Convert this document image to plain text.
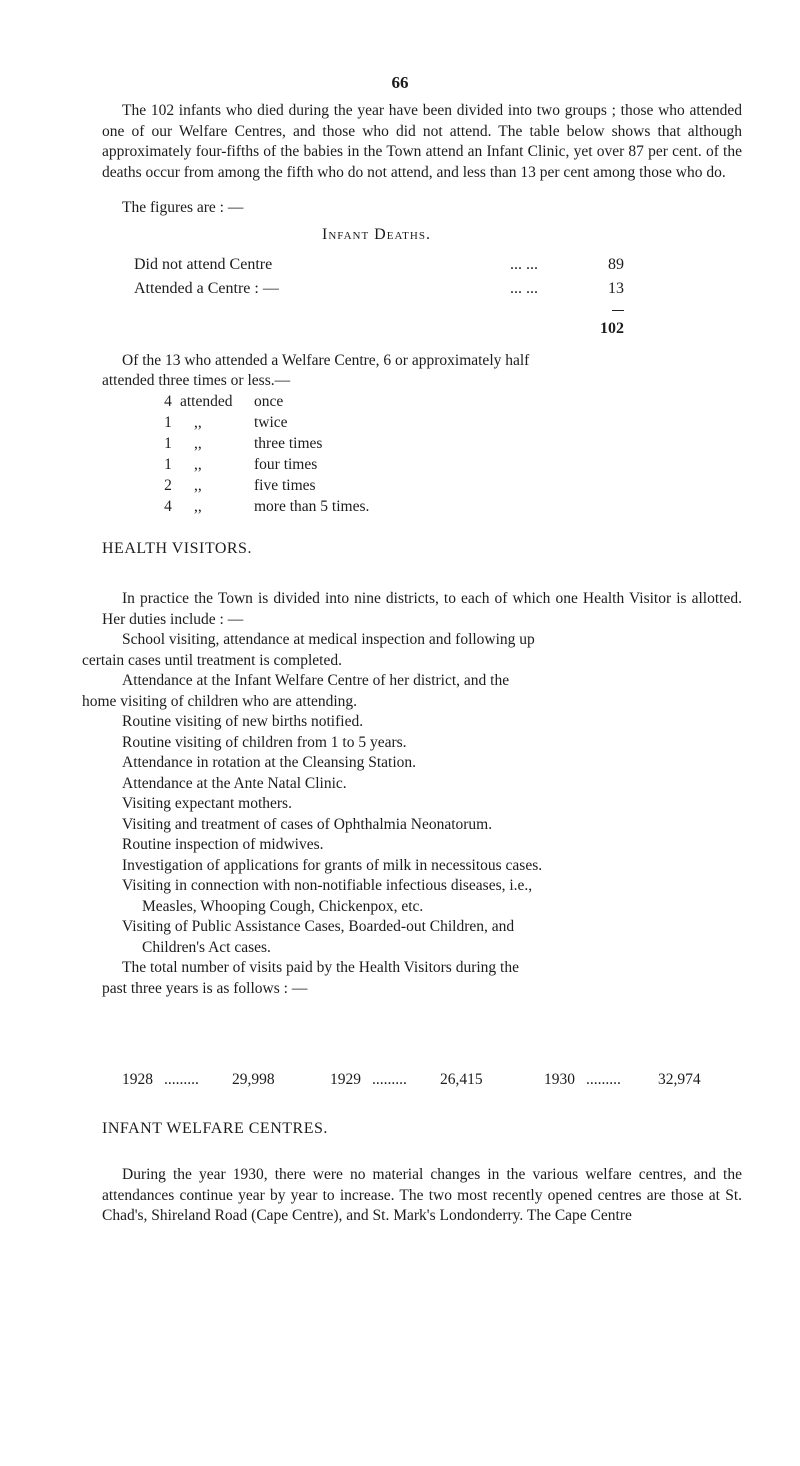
66

The 102 infants who died during the year have been divided into two groups ; those who attended one of our Welfare Centres, and those who did not attend. The table below shows that although approximately four-fifths of the babies in the Town attend an Infant Clinic, yet over 87 per cent. of the deaths occur from among the fifth who do not attend, and less than 13 per cent among those who do.

The figures are : —
Infant Deaths.
Did not attend Centre	... ...	89
Attended a Centre : —	... ...	13
102
Of the 13 who attended a Welfare Centre, 6 or approximately half
attended three times or less.—
4 attended once
1 ,,	twice
1 ,,	three times
1 ,,	four times
2 ,,	five times
4 ,,	more than 5 times.
HEALTH VISITORS.

In practice the Town is divided into nine districts, to each of which one Health Visitor is allotted. Her duties include : —

School visiting, attendance at medical inspection and following up
certain cases until treatment is completed.
Attendance at the Infant Welfare Centre of her district, and the
home visiting of children who are attending.
Routine visiting of new births notified.
Routine visiting of children from 1 to 5 years.
Attendance in rotation at the Cleansing Station.
Attendance at the Ante Natal Clinic.
Visiting expectant mothers.
Visiting and treatment of cases of Ophthalmia Neonatorum.
Routine inspection of midwives.
Investigation of applications for grants of milk in necessitous cases.
Visiting in connection with non-notifiable infectious diseases, i.e.,
Measles, Whooping Cough, Chickenpox, etc.
Visiting of Public Assistance Cases, Boarded-out Children, and
Children's Act cases.
The total number of visits paid by the Health Visitors during the
past three years is as follows : —
1928 ......... 29,998	1929 ......... 26,415	1930 ......... 32,974
INFANT WELFARE CENTRES.

During the year 1930, there were no material changes in the various welfare centres, and the attendances continue year by year to increase. The two most recently opened centres are those at St. Chad's, Shireland Road (Cape Centre), and St. Mark's Londonderry. The Cape Centre
